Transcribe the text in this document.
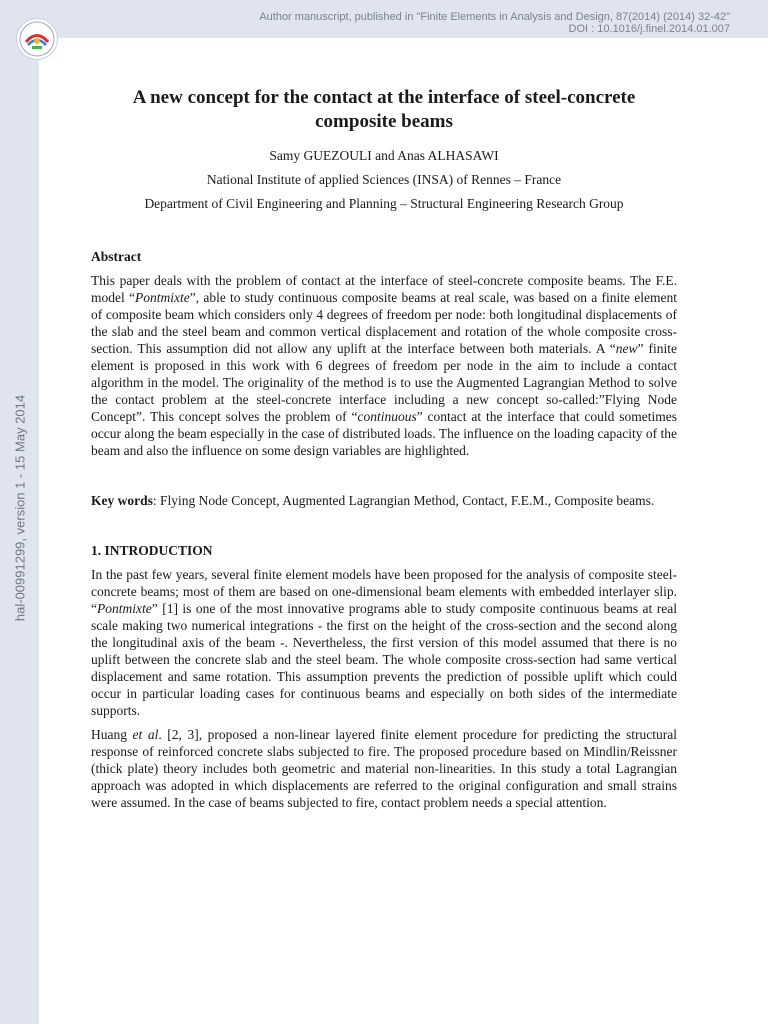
Author manuscript, published in "Finite Elements in Analysis and Design, 87(2014) (2014) 32-42"
DOI : 10.1016/j.finel.2014.01.007
hal-00991299, version 1 - 15 May 2014
A new concept for the contact at the interface of steel-concrete composite beams
Samy GUEZOULI and Anas ALHASAWI
National Institute of applied Sciences (INSA) of Rennes – France
Department of Civil Engineering and Planning – Structural Engineering Research Group
Abstract

This paper deals with the problem of contact at the interface of steel-concrete composite beams. The F.E. model “Pontmixte”, able to study continuous composite beams at real scale, was based on a finite element of composite beam which considers only 4 degrees of freedom per node: both longitudinal displacements of the slab and the steel beam and common vertical displacement and rotation of the whole composite cross-section. This assumption did not allow any uplift at the interface between both materials. A “new” finite element is proposed in this work with 6 degrees of freedom per node in the aim to include a contact algorithm in the model. The originality of the method is to use the Augmented Lagrangian Method to solve the contact problem at the steel-concrete interface including a new concept so-called:”Flying Node Concept”. This concept solves the problem of “continuous” contact at the interface that could sometimes occur along the beam especially in the case of distributed loads. The influence on the loading capacity of the beam and also the influence on some design variables are highlighted.

Key words: Flying Node Concept, Augmented Lagrangian Method, Contact, F.E.M., Composite beams.

1. INTRODUCTION

In the past few years, several finite element models have been proposed for the analysis of composite steel-concrete beams; most of them are based on one-dimensional beam elements with embedded interlayer slip. “Pontmixte” [1] is one of the most innovative programs able to study composite continuous beams at real scale making two numerical integrations - the first on the height of the cross-section and the second along the longitudinal axis of the beam -. Nevertheless, the first version of this model assumed that there is no uplift between the concrete slab and the steel beam. The whole composite cross-section had same vertical displacement and same rotation. This assumption prevents the prediction of possible uplift which could occur in particular loading cases for continuous beams and especially on both sides of the intermediate supports.

Huang et al. [2, 3], proposed a non-linear layered finite element procedure for predicting the structural response of reinforced concrete slabs subjected to fire. The proposed procedure based on Mindlin/Reissner (thick plate) theory includes both geometric and material non-linearities. In this study a total Lagrangian approach was adopted in which displacements are referred to the original configuration and small strains were assumed. In the case of beams subjected to fire, contact problem needs a special attention.
